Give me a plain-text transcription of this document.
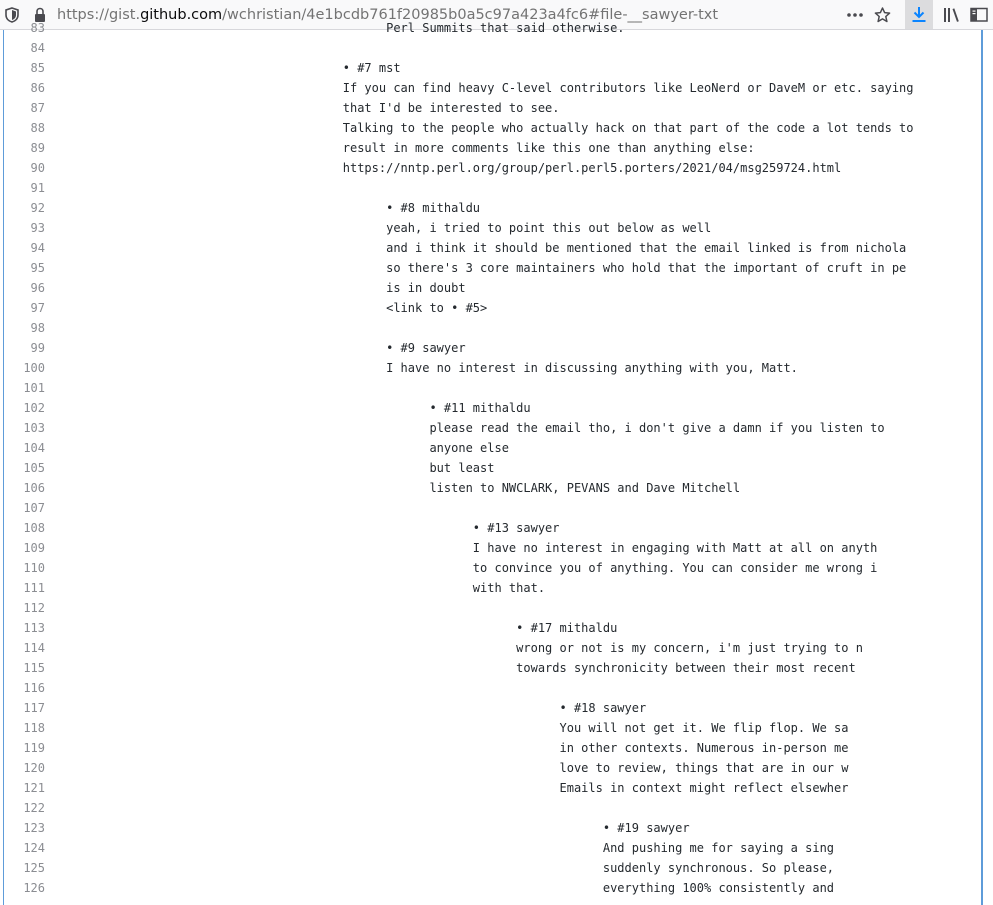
https://gist.github.com/wchristian/4e1bcdb761f20985b0a5c97a423a4fc6#file-__sawyer-txt
83 Perl Summits that said otherwise.
84
85 • #7 mst
86 If you can find heavy C-level contributors like LeoNerd or DaveM or etc. saying
87 that I'd be interested to see.
88 Talking to the people who actually hack on that part of the code a lot tends to
89 result in more comments like this one than anything else:
90 https://nntp.perl.org/group/perl.perl5.porters/2021/04/msg259724.html
91
92 • #8 mithaldu
93 yeah, i tried to point this out below as well
94 and i think it should be mentioned that the email linked is from nichola
95 so there's 3 core maintainers who hold that the important of cruft in pe
96 is in doubt
97 <link to • #5>
98
99 • #9 sawyer
100 I have no interest in discussing anything with you, Matt.
101
102 • #11 mithaldu
103 please read the email tho, i don't give a damn if you listen to
104 anyone else
105 but least
106 listen to NWCLARK, PEVANS and Dave Mitchell
107
108 • #13 sawyer
109 I have no interest in engaging with Matt at all on anyth
110 to convince you of anything. You can consider me wrong i
111 with that.
112
113 • #17 mithaldu
114 wrong or not is my concern, i'm just trying to n
115 towards synchronicity between their most recent
116
117 • #18 sawyer
118 You will not get it. We flip flop. We sa
119 in other contexts. Numerous in-person me
120 love to review, things that are in our w
121 Emails in context might reflect elsewher
122
123 • #19 sawyer
124 And pushing me for saying a sing
125 suddenly synchronous. So please,
126 everything 100% consistently and
